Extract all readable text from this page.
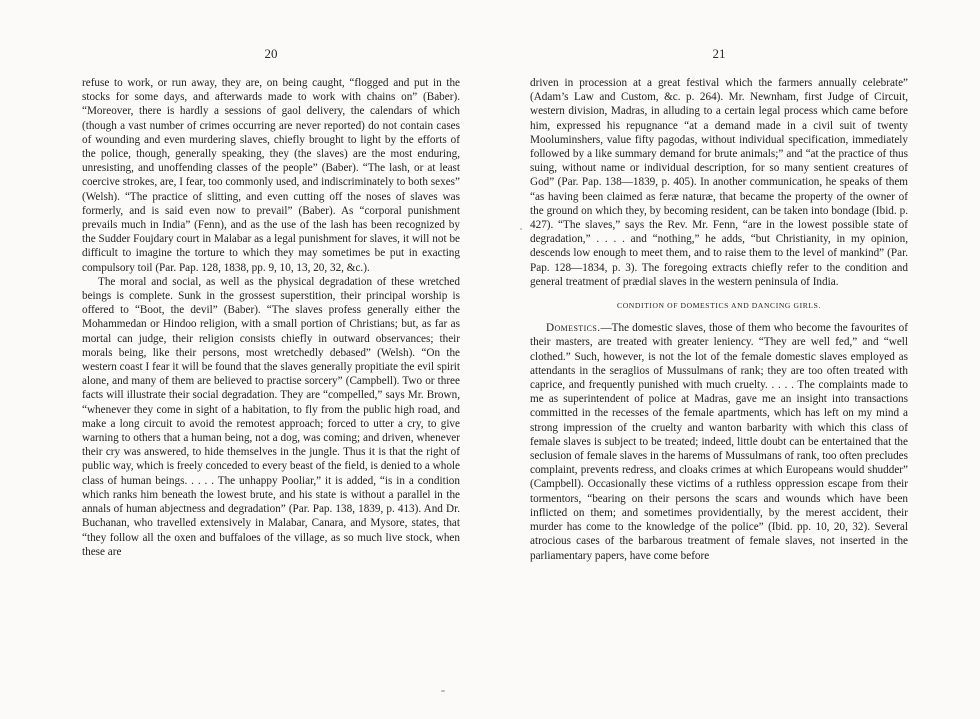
20

refuse to work, or run away, they are, on being caught, “flogged and put in the stocks for some days, and afterwards made to work with chains on” (Baber). “Moreover, there is hardly a sessions of gaol delivery, the calendars of which (though a vast number of crimes occurring are never reported) do not contain cases of wounding and even murdering slaves, chiefly brought to light by the efforts of the police, though, generally speaking, they (the slaves) are the most enduring, unresisting, and unoffending classes of the people” (Baber). “The lash, or at least coercive strokes, are, I fear, too commonly used, and indiscriminately to both sexes” (Welsh). “The practice of slitting, and even cutting off the noses of slaves was formerly, and is said even now to prevail” (Baber). As “corporal punishment prevails much in India” (Fenn), and as the use of the lash has been recognized by the Sudder Foujdary court in Malabar as a legal punishment for slaves, it will not be difficult to imagine the torture to which they may sometimes be put in exacting compulsory toil (Par. Pap. 128, 1838, pp. 9, 10, 13, 20, 32, &c.).

The moral and social, as well as the physical degradation of these wretched beings is complete. Sunk in the grossest superstition, their principal worship is offered to “Boot, the devil” (Baber). “The slaves profess generally either the Mohammedan or Hindoo religion, with a small portion of Christians; but, as far as mortal can judge, their religion consists chiefly in outward observances; their morals being, like their persons, most wretchedly debased” (Welsh). “On the western coast I fear it will be found that the slaves generally propitiate the evil spirit alone, and many of them are believed to practise sorcery” (Campbell). Two or three facts will illustrate their social degradation. They are “compelled,” says Mr. Brown, “whenever they come in sight of a habitation, to fly from the public high road, and make a long circuit to avoid the remotest approach; forced to utter a cry, to give warning to others that a human being, not a dog, was coming; and driven, whenever their cry was answered, to hide themselves in the jungle. Thus it is that the right of public way, which is freely conceded to every beast of the field, is denied to a whole class of human beings. . . . . The unhappy Pooliar,” it is added, “is in a condition which ranks him beneath the lowest brute, and his state is without a parallel in the annals of human abjectness and degradation” (Par. Pap. 138, 1839, p. 413). And Dr. Buchanan, who travelled extensively in Malabar, Canara, and Mysore, states, that “they follow all the oxen and buffaloes of the village, as so much live stock, when these are

21

driven in procession at a great festival which the farmers annually celebrate” (Adam’s Law and Custom, &c. p. 264). Mr. Newnham, first Judge of Circuit, western division, Madras, in alluding to a certain legal process which came before him, expressed his repugnance “at a demand made in a civil suit of twenty Mooluminshers, value fifty pagodas, without individual specification, immediately followed by a like summary demand for brute animals;” and “at the practice of thus suing, without name or individual description, for so many sentient creatures of God” (Par. Pap. 138—1839, p. 405). In another communication, he speaks of them “as having been claimed as feræ naturæ, that became the property of the owner of the ground on which they, by becoming resident, can be taken into bondage (Ibid. p. 427). “The slaves,” says the Rev. Mr. Fenn, “are in the lowest possible state of degradation,” . . . . and “nothing,” he adds, “but Christianity, in my opinion, descends low enough to meet them, and to raise them to the level of mankind” (Par. Pap. 128—1834, p. 3). The foregoing extracts chiefly refer to the condition and general treatment of prædial slaves in the western peninsula of India.

CONDITION OF DOMESTICS AND DANCING GIRLS.

Domestics.—The domestic slaves, those of them who become the favourites of their masters, are treated with greater leniency. “They are well fed,” and “well clothed.” Such, however, is not the lot of the female domestic slaves employed as attendants in the seraglios of Mussulmans of rank; they are too often treated with caprice, and frequently punished with much cruelty. . . . . The complaints made to me as superintendent of police at Madras, gave me an insight into transactions committed in the recesses of the female apartments, which has left on my mind a strong impression of the cruelty and wanton barbarity with which this class of female slaves is subject to be treated; indeed, little doubt can be entertained that the seclusion of female slaves in the harems of Mussulmans of rank, too often precludes complaint, prevents redress, and cloaks crimes at which Europeans would shudder” (Campbell). Occasionally these victims of a ruthless oppression escape from their tormentors, “bearing on their persons the scars and wounds which have been inflicted on them; and sometimes providentially, by the merest accident, their murder has come to the knowledge of the police” (Ibid. pp. 10, 20, 32). Several atrocious cases of the barbarous treatment of female slaves, not inserted in the parliamentary papers, have come before
